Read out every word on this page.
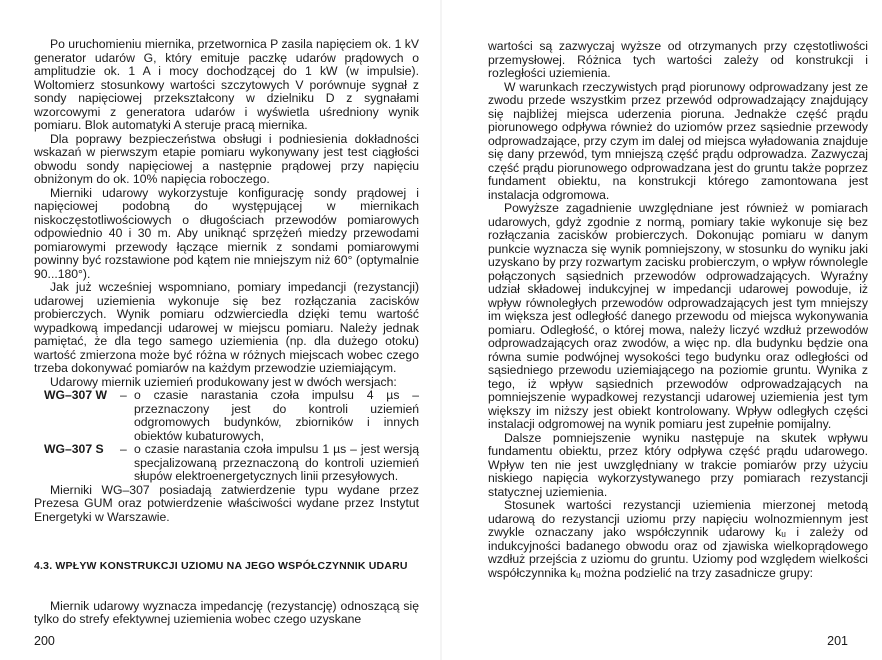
Po uruchomieniu miernika, przetwornica P zasila napięciem ok. 1 kV generator udarów G, który emituje paczkę udarów prądowych o amplitudzie ok. 1 A i mocy dochodzącej do 1 kW (w impulsie). Woltomierz stosunkowy wartości szczytowych V porównuje sygnał z sondy napięciowej przekształcony w dzielniku D z sygnałami wzorcowymi z generatora udarów i wyświetla uśredniony wynik pomiaru. Blok automatyki A steruje pracą miernika.

Dla poprawy bezpieczeństwa obsługi i podniesienia dokładności wskazań w pierwszym etapie pomiaru wykonywany jest test ciągłości obwodu sondy napięciowej a następnie prądowej przy napięciu obniżonym do ok. 10% napięcia roboczego.

Mierniki udarowy wykorzystuje konfigurację sondy prądowej i napięciowej podobną do występującej w miernikach niskoczęstotliwościowych o długościach przewodów pomiarowych odpowiednio 40 i 30 m. Aby uniknąć sprzężeń miedzy przewodami pomiarowymi przewody łączące miernik z sondami pomiarowymi powinny być rozstawione pod kątem nie mniejszym niż 60° (optymalnie 90...180°).

Jak już wcześniej wspomniano, pomiary impedancji (rezystancji) udarowej uziemienia wykonuje się bez rozłączania zacisków probierczych. Wynik pomiaru odzwierciedla dzięki temu wartość wypadkową impedancji udarowej w miejscu pomiaru. Należy jednak pamiętać, że dla tego samego uziemienia (np. dla dużego otoku) wartość zmierzona może być różna w różnych miejscach wobec czego trzeba dokonywać pomiarów na każdym przewodzie uziemiającym.

Udarowy miernik uziemień produkowany jest w dwóch wersjach:

WG–307 W	– o czasie narastania czoła impulsu 4 µs – przeznaczony jest do kontroli uziemień odgromowych budynków, zbiorników i innych obiektów kubaturowych,
WG–307 S	– o czasie narastania czoła impulsu 1 µs – jest wersją specjalizowaną przeznaczoną do kontroli uziemień słupów elektroenergetycznych linii przesyłowych.

Mierniki WG–307 posiadają zatwierdzenie typu wydane przez Prezesa GUM oraz potwierdzenie właściwości wydane przez Instytut Energetyki w Warszawie.

4.3. WPŁYW KONSTRUKCJI UZIOMU NA JEGO WSPÓŁCZYNNIK UDARU

Miernik udarowy wyznacza impedancję (rezystancję) odnoszącą się tylko do strefy efektywnej uziemienia wobec czego uzyskane

200

wartości są zazwyczaj wyższe od otrzymanych przy częstotliwości przemysłowej. Różnica tych wartości zależy od konstrukcji i rozległości uziemienia.

W warunkach rzeczywistych prąd piorunowy odprowadzany jest ze zwodu przede wszystkim przez przewód odprowadzający znajdujący się najbliżej miejsca uderzenia pioruna. Jednakże część prądu piorunowego odpływa również do uziomów przez sąsiednie przewody odprowadzające, przy czym im dalej od miejsca wyładowania znajduje się dany przewód, tym mniejszą część prądu odprowadza. Zazwyczaj część prądu piorunowego odprowadzana jest do gruntu także poprzez fundament obiektu, na konstrukcji którego zamontowana jest instalacja odgromowa.

Powyższe zagadnienie uwzględniane jest również w pomiarach udarowych, gdyż zgodnie z normą, pomiary takie wykonuje się bez rozłączania zacisków probierczych. Dokonując pomiaru w danym punkcie wyznacza się wynik pomniejszony, w stosunku do wyniku jaki uzyskano by przy rozwartym zacisku probierczym, o wpływ równolegle połączonych sąsiednich przewodów odprowadzających. Wyraźny udział składowej indukcyjnej w impedancji udarowej powoduje, iż wpływ równoległych przewodów odprowadzających jest tym mniejszy im większa jest odległość danego przewodu od miejsca wykonywania pomiaru. Odległość, o której mowa, należy liczyć wzdłuż przewodów odprowadzających oraz zwodów, a więc np. dla budynku będzie ona równa sumie podwójnej wysokości tego budynku oraz odległości od sąsiedniego przewodu uziemiającego na poziomie gruntu. Wynika z tego, iż wpływ sąsiednich przewodów odprowadzających na pomniejszenie wypadkowej rezystancji udarowej uziemienia jest tym większy im niższy jest obiekt kontrolowany. Wpływ odległych części instalacji odgromowej na wynik pomiaru jest zupełnie pomijalny.

Dalsze pomniejszenie wyniku następuje na skutek wpływu fundamentu obiektu, przez który odpływa część prądu udarowego. Wpływ ten nie jest uwzględniany w trakcie pomiarów przy użyciu niskiego napięcia wykorzystywanego przy pomiarach rezystancji statycznej uziemienia.

Stosunek wartości rezystancji uziemienia mierzonej metodą udarową do rezystancji uziomu przy napięciu wolnozmiennym jest zwykle oznaczany jako współczynnik udarowy kᵤ i zależy od indukcyjności badanego obwodu oraz od zjawiska wielkoprądowego wzdłuż przejścia z uziomu do gruntu. Uziomy pod względem wielkości współczynnika kᵤ można podzielić na trzy zasadnicze grupy:

201
